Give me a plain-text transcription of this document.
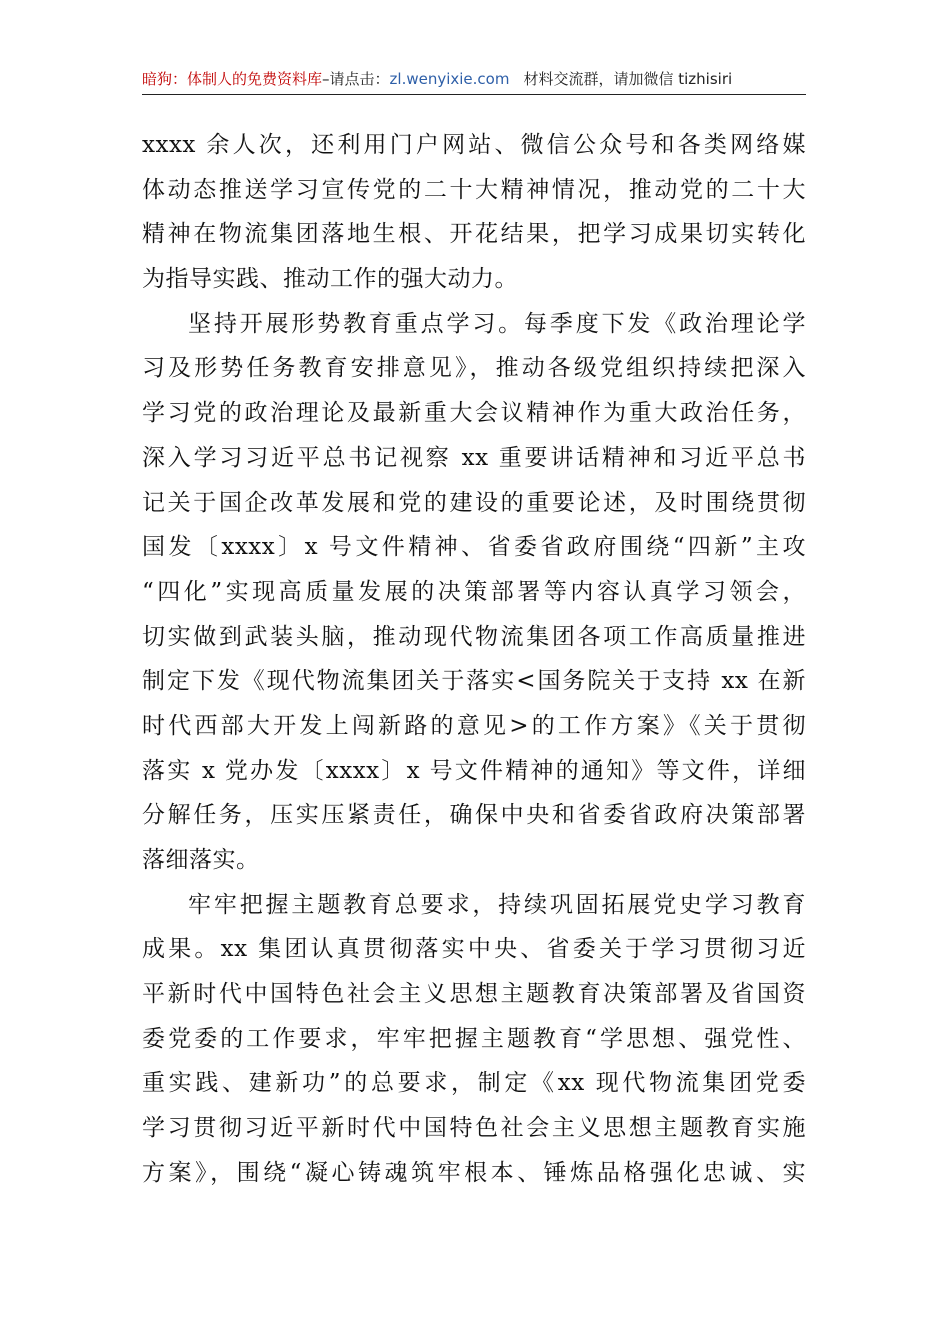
暗狗：体制人的免费资料库–请点击：zl.wenyixie.com 材料交流群，请加微信 tizhisiri
xxxx 余人次，还利用门户网站、微信公众号和各类网络媒
体动态推送学习宣传党的二十大精神情况，推动党的二十大
精神在物流集团落地生根、开花结果，把学习成果切实转化
为指导实践、推动工作的强大动力。
坚持开展形势教育重点学习。每季度下发《政治理论学
习及形势任务教育安排意见》，推动各级党组织持续把深入
学习党的政治理论及最新重大会议精神作为重大政治任务，
深入学习习近平总书记视察 xx 重要讲话精神和习近平总书
记关于国企改革发展和党的建设的重要论述，及时围绕贯彻
国发〔xxxx〕x 号文件精神、省委省政府围绕“四新”主攻
“四化”实现高质量发展的决策部署等内容认真学习领会，
切实做到武装头脑，推动现代物流集团各项工作高质量推进
制定下发《现代物流集团关于落实<国务院关于支持 xx 在新
时代西部大开发上闯新路的意见>的工作方案》《关于贯彻
落实 x 党办发〔xxxx〕x 号文件精神的通知》等文件，详细
分解任务，压实压紧责任，确保中央和省委省政府决策部署
落细落实。
牢牢把握主题教育总要求，持续巩固拓展党史学习教育
成果。xx 集团认真贯彻落实中央、省委关于学习贯彻习近
平新时代中国特色社会主义思想主题教育决策部署及省国资
委党委的工作要求，牢牢把握主题教育“学思想、强党性、
重实践、建新功”的总要求，制定《xx 现代物流集团党委
学习贯彻习近平新时代中国特色社会主义思想主题教育实施
方案》，围绕“凝心铸魂筑牢根本、锤炼品格强化忠诚、实
